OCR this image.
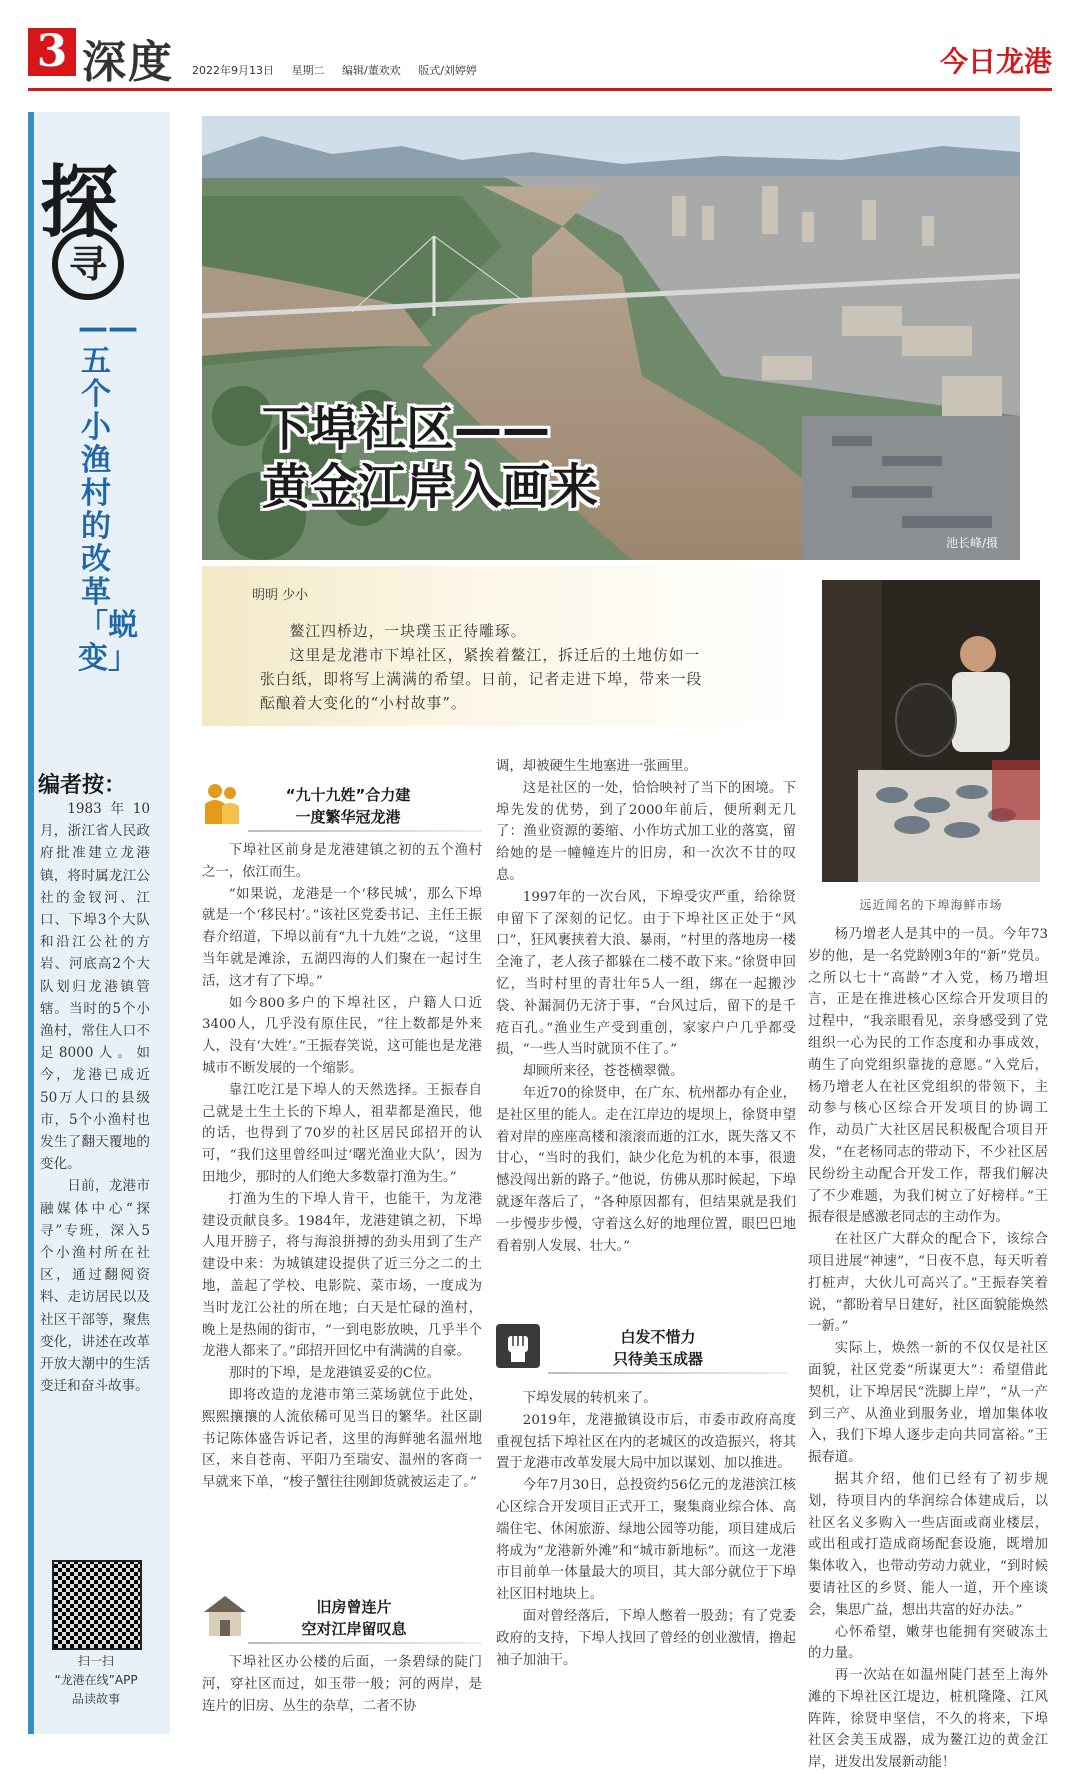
3 深度 2022年9月13日 星期二 编辑/董欢欢 版式/刘婷婷	今日龙港
探
寻
——五个小渔村的改革「蜕变」
编者按：

1983年10月，浙江省人民政府批准建立龙港镇，将时属龙江公社的金钗河、江口、下埠3个大队和沿江公社的方岩、河底高2个大队划归龙港镇管辖。当时的5个小渔村，常住人口不足8000人。如今，龙港已成近50万人口的县级市，5个小渔村也发生了翻天覆地的变化。

日前，龙港市融媒体中心“探寻”专班，深入5个小渔村所在社区，通过翻阅资料、走访居民以及社区干部等，聚焦变化，讲述在改革开放大潮中的生活变迁和奋斗故事。

扫一扫
“龙港在线”APP
品读故事
下埠社区——
黄金江岸入画来
池长峰/摄
明明 少小

鳌江四桥边，一块璞玉正待雕琢。

这里是龙港市下埠社区，紧挨着鳌江，拆迁后的土地仿如一张白纸，即将写上满满的希望。日前，记者走进下埠，带来一段酝酿着大变化的“小村故事”。

远近闻名的下埠海鲜市场
“九十九姓”合力建
一度繁华冠龙港

下埠社区前身是龙港建镇之初的五个渔村之一，依江而生。

“如果说，龙港是一个‘移民城’，那么下埠就是一个‘移民村’。”该社区党委书记、主任王振春介绍道，下埠以前有“九十九姓”之说，“这里当年就是滩涂，五湖四海的人们聚在一起讨生活，这才有了下埠。”

如今800多户的下埠社区，户籍人口近3400人，几乎没有原住民，“往上数都是外来人，没有‘大姓’。”王振春笑说，这可能也是龙港城市不断发展的一个缩影。

靠江吃江是下埠人的天然选择。王振春自己就是土生土长的下埠人，祖辈都是渔民，他的话，也得到了70岁的社区居民邱招开的认可，“我们这里曾经叫过‘曙光渔业大队’，因为田地少，那时的人们绝大多数靠打渔为生。”

打渔为生的下埠人肯干，也能干，为龙港建设贡献良多。1984年，龙港建镇之初，下埠人甩开膀子，将与海浪拼搏的劲头用到了生产建设中来：为城镇建设提供了近三分之二的土地，盖起了学校、电影院、菜市场，一度成为当时龙江公社的所在地；白天是忙碌的渔村，晚上是热闹的街市，“一到电影放映，几乎半个龙港人都来了。”邱招开回忆中有满满的自豪。

那时的下埠，是龙港镇妥妥的C位。

即将改造的龙港市第三菜场就位于此处，熙熙攘攘的人流依稀可见当日的繁华。社区副书记陈体盛告诉记者，这里的海鲜驰名温州地区，来自苍南、平阳乃至瑞安、温州的客商一早就来下单，“梭子蟹往往刚卸货就被运走了。”

旧房曾连片
空对江岸留叹息

下埠社区办公楼的后面，一条碧绿的陡门河，穿社区而过，如玉带一般；河的两岸，是连片的旧房、丛生的杂草，二者不协

调，却被硬生生地塞进一张画里。

这是社区的一处，恰恰映衬了当下的困境。下埠先发的优势，到了2000年前后，便所剩无几了：渔业资源的萎缩、小作坊式加工业的落寞，留给她的是一幢幢连片的旧房，和一次次不甘的叹息。

1997年的一次台风，下埠受灾严重，给徐贤申留下了深刻的记忆。由于下埠社区正处于“风口”，狂风裹挟着大浪、暴雨，“村里的落地房一楼全淹了，老人孩子都躲在二楼不敢下来。”徐贤申回忆，当时村里的青壮年5人一组，绑在一起搬沙袋、补漏洞仍无济于事，“台风过后，留下的是千疮百孔。”渔业生产受到重创，家家户户几乎都受损，“一些人当时就顶不住了。”

却顾所来径，苍苍横翠微。

年近70的徐贤申，在广东、杭州都办有企业，是社区里的能人。走在江岸边的堤坝上，徐贤申望着对岸的座座高楼和滚滚而逝的江水，既失落又不甘心，“当时的我们，缺少化危为机的本事，很遗憾没闯出新的路子。”他说，仿佛从那时候起，下埠就逐年落后了，“各种原因都有，但结果就是我们一步慢步步慢，守着这么好的地理位置，眼巴巴地看着别人发展、壮大。”

白发不惜力
只待美玉成器

下埠发展的转机来了。

2019年，龙港撤镇设市后，市委市政府高度重视包括下埠社区在内的老城区的改造振兴，将其置于龙港市改革发展大局中加以谋划、加以推进。

今年7月30日，总投资约56亿元的龙港滨江核心区综合开发项目正式开工，聚集商业综合体、高端住宅、休闲旅游、绿地公园等功能，项目建成后将成为“龙港新外滩”和“城市新地标”。而这一龙港市目前单一体量最大的项目，其大部分就位于下埠社区旧村地块上。

面对曾经落后，下埠人憋着一股劲；有了党委政府的支持，下埠人找回了曾经的创业激情，撸起袖子加油干。

杨乃增老人是其中的一员。今年73岁的他，是一名党龄刚3年的“新”党员。之所以七十“高龄”才入党，杨乃增坦言，正是在推进核心区综合开发项目的过程中，“我亲眼看见，亲身感受到了党组织一心为民的工作态度和办事成效，萌生了向党组织靠拢的意愿。”入党后，杨乃增老人在社区党组织的带领下，主动参与核心区综合开发项目的协调工作，动员广大社区居民积极配合项目开发，“在老杨同志的带动下，不少社区居民纷纷主动配合开发工作，帮我们解决了不少难题，为我们树立了好榜样。”王振春很是感激老同志的主动作为。

在社区广大群众的配合下，该综合项目进展“神速”，“日夜不息，每天听着打桩声，大伙儿可高兴了。”王振春笑着说，“都盼着早日建好，社区面貌能焕然一新。”

实际上，焕然一新的不仅仅是社区面貌，社区党委“所谋更大”：希望借此契机，让下埠居民“洗脚上岸”，“从一产到三产、从渔业到服务业，增加集体收入，我们下埠人逐步走向共同富裕。”王振春道。

据其介绍，他们已经有了初步规划，待项目内的华润综合体建成后，以社区名义多购入一些店面或商业楼层，或出租或打造成商场配套设施，既增加集体收入，也带动劳动力就业，“到时候要请社区的乡贤、能人一道，开个座谈会，集思广益，想出共富的好办法。”

心怀希望，嫩芽也能拥有突破冻土的力量。

再一次站在如温州陡门甚至上海外滩的下埠社区江堤边，桩机隆隆、江风阵阵，徐贤申坚信，不久的将来，下埠社区会美玉成器，成为鳌江边的黄金江岸，迸发出发展新动能！
